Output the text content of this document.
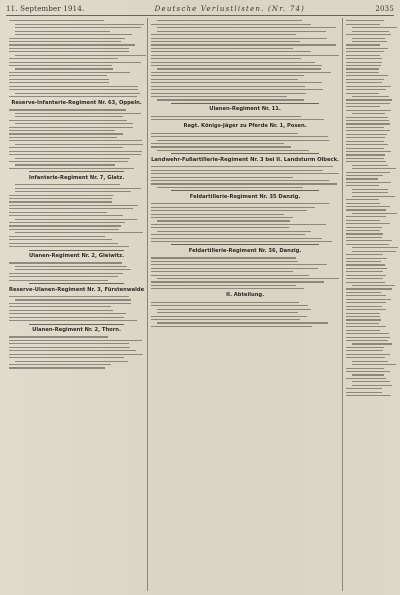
11. September 1914.	Deutsche Verlustlisten. (Nr. 74)	2035
Reserve-Infanterie-Regiment Nr. 63, Oppeln.
Infanterie-Regiment Nr. 7, Glatz.
Ulanen-Regiment Nr. 2, Gleiwitz.
Reserve-Ulanen-Regiment Nr. 3, Fürstenwalde
Ulanen-Regiment Nr. 2, Thorn.
Ulanen-Regiment Nr. 11.
Regt. Königs-Jäger zu Pferde Nr. 1, Posen.
Landwehr-Fußartillerie-Regiment Nr. 3 bei II. Landsturm Olbeck.
Feldartillerie-Regiment Nr. 35 Danzig.
Feldartillerie-Regiment Nr. 36, Danzig.
II. Abteilung.
